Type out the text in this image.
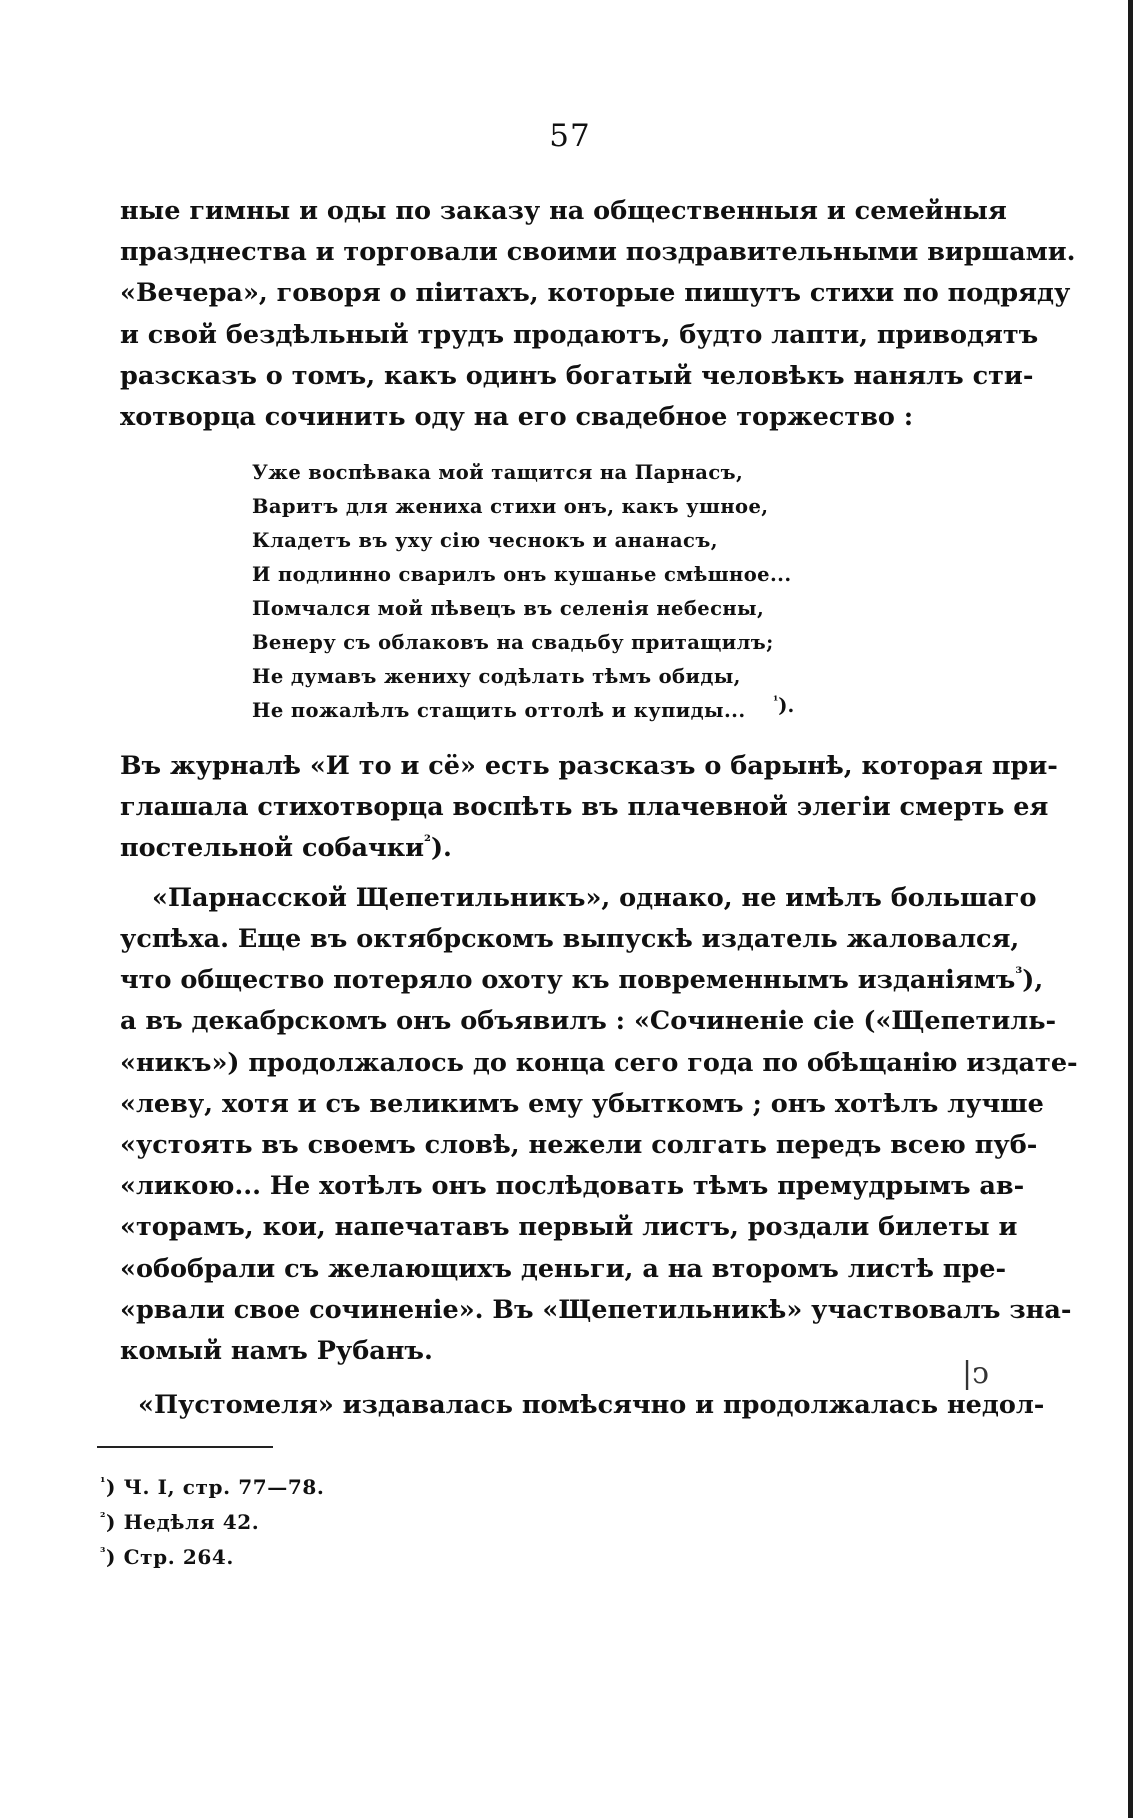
57
ные гимны и оды по заказу на общественныя и семейныя
празднества и торговали своими поздравительными виршами.
«Вечера», говоря о піитахъ, которые пишутъ стихи по подряду
и свой бездѣльный трудъ продаютъ, будто лапти, приводятъ
разсказъ о томъ, какъ одинъ богатый человѣкъ нанялъ сти-
хотворца сочинить оду на его свадебное торжество :
Уже воспѣвака мой тащится на Парнасъ,
Варитъ для жениха стихи онъ, какъ ушное,
Кладетъ въ уху сію чеснокъ и ананасъ,
И подлинно сварилъ онъ кушанье смѣшное...
Помчался мой пѣвецъ въ селенія небесны,
Венеру съ облаковъ на свадьбу притащилъ;
Не думавъ жениху содѣлать тѣмъ обиды,
Не пожалѣлъ стащить оттолѣ и купиды... $^{^1}$).
Въ журналѣ «И то и сё» есть разсказъ о барынѣ, которая при-
глашала стихотворца воспѣть въ плачевной элегіи смерть ея
постельной собачки$^{^2}$).
«Парнасской Щепетильникъ», однако, не имѣлъ большаго
успѣха. Еще въ октябрскомъ выпускѣ издатель жаловался,
что общество потеряло охоту къ повременнымъ изданіямъ$^{^3}$),
а въ декабрскомъ онъ объявилъ : «Сочиненіе сіе («Щепетиль-
«никъ») продолжалось до конца сего года по обѣщанію издате-
«леву, хотя и съ великимъ ему убыткомъ ; онъ хотѣлъ лучше
«устоять въ своемъ словѣ, нежели солгать передъ всею пуб-
«ликою... Не хотѣлъ онъ послѣдовать тѣмъ премудрымъ ав-
«торамъ, кои, напечатавъ первый листъ, роздали билеты и
«обобрали съ желающихъ деньги, а на второмъ листѣ пре-
«рвали свое сочиненіе». Въ «Щепетильникѣ» участвовалъ зна-
комый намъ Рубанъ.
«Пустомеля» издавалась помѣсячно и продолжалась недол-
|ↄ
$^{^1}$) Ч. I, стр. 77—78.
$^{^2}$) Недѣля 42.
$^{^3}$) Стр. 264.
